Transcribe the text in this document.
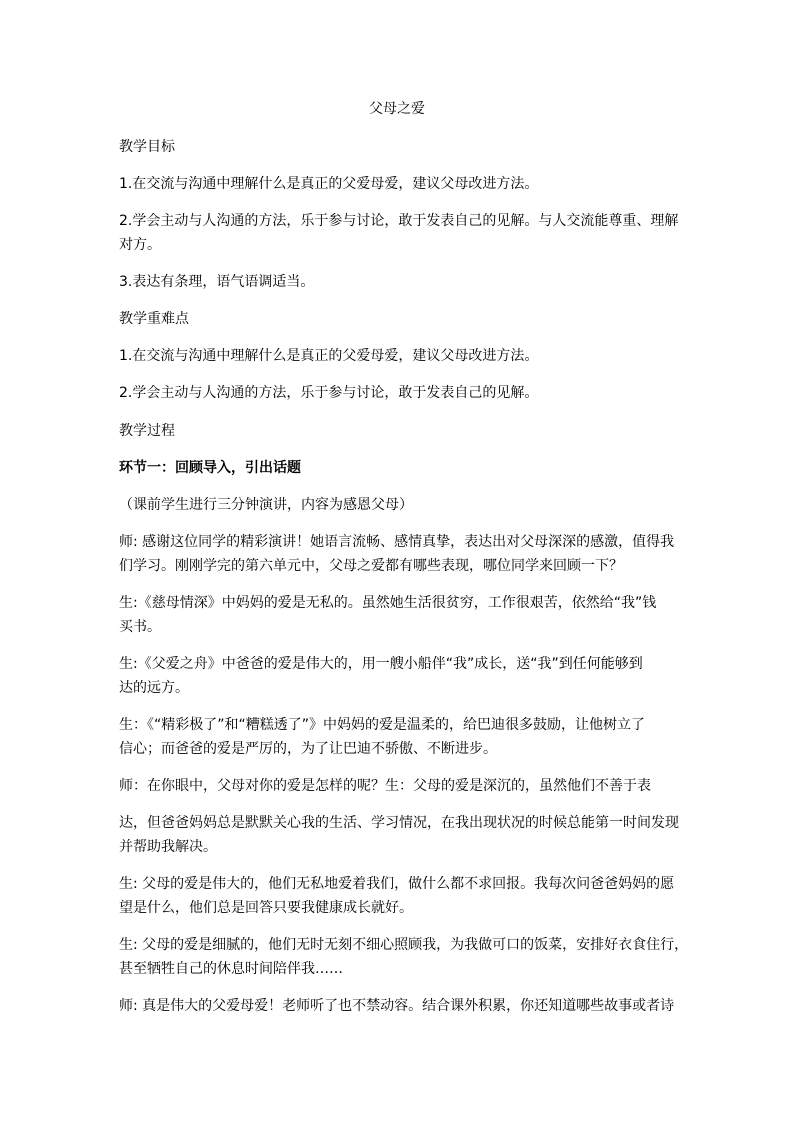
父母之爱
教学目标
1.在交流与沟通中理解什么是真正的父爱母爱，建议父母改进方法。
2.学会主动与人沟通的方法，乐于参与讨论，敢于发表自己的见解。与人交流能尊重、理解
对方。
3.表达有条理，语气语调适当。
教学重难点
1.在交流与沟通中理解什么是真正的父爱母爱，建议父母改进方法。
2.学会主动与人沟通的方法，乐于参与讨论，敢于发表自己的见解。
教学过程
环节一：回顾导入，引出话题
（课前学生进行三分钟演讲，内容为感恩父母）
师: 感谢这位同学的精彩演讲！她语言流畅、感情真挚，表达出对父母深深的感激，值得我
们学习。刚刚学完的第六单元中，父母之爱都有哪些表现，哪位同学来回顾一下？
生:《慈母情深》中妈妈的爱是无私的。虽然她生活很贫穷，工作很艰苦，依然给“我”钱
买书。
生:《父爱之舟》中爸爸的爱是伟大的，用一艘小船伴“我”成长，送“我”到任何能够到
达的远方。
生：《“精彩极了”和“糟糕透了”》中妈妈的爱是温柔的，给巴迪很多鼓励，让他树立了
信心；而爸爸的爱是严厉的，为了让巴迪不骄傲、不断进步。
师：在你眼中，父母对你的爱是怎样的呢？生：父母的爱是深沉的，虽然他们不善于表
达，但爸爸妈妈总是默默关心我的生活、学习情况，在我出现状况的时候总能第一时间发现
并帮助我解决。
生: 父母的爱是伟大的，他们无私地爱着我们，做什么都不求回报。我每次问爸爸妈妈的愿
望是什么，他们总是回答只要我健康成长就好。
生: 父母的爱是细腻的，他们无时无刻不细心照顾我，为我做可口的饭菜，安排好衣食住行，
甚至牺牲自己的休息时间陪伴我……
师: 真是伟大的父爱母爱！老师听了也不禁动容。结合课外积累，你还知道哪些故事或者诗
